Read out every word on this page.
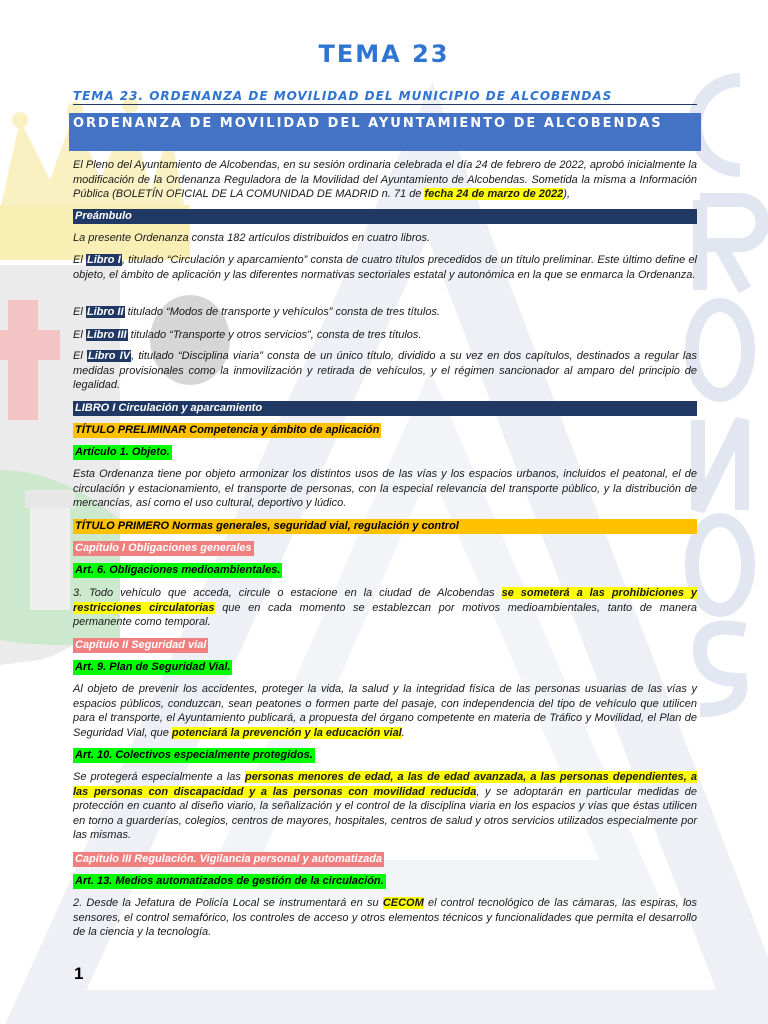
TEMA 23
TEMA 23. ORDENANZA DE MOVILIDAD DEL MUNICIPIO DE ALCOBENDAS
ORDENANZA DE MOVILIDAD DEL AYUNTAMIENTO DE ALCOBENDAS
El Pleno del Ayuntamiento de Alcobendas, en su sesión ordinaria celebrada el día 24 de febrero de 2022, aprobó inicialmente la modificación de la Ordenanza Reguladora de la Movilidad del Ayuntamiento de Alcobendas. Sometida la misma a Información Pública (BOLETÍN OFICIAL DE LA COMUNIDAD DE MADRID n. 71 de fecha 24 de marzo de 2022),
Preámbulo
La presente Ordenanza consta 182 artículos distribuidos en cuatro libros.
El Libro I, titulado “Circulación y aparcamiento” consta de cuatro títulos precedidos de un título preliminar. Este último define el objeto, el ámbito de aplicación y las diferentes normativas sectoriales estatal y autonómica en la que se enmarca la Ordenanza.
El Libro II titulado “Modos de transporte y vehículos” consta de tres títulos.
El Libro III titulado “Transporte y otros servicios”, consta de tres títulos.
El Libro IV, titulado “Disciplina viaria” consta de un único título, dividido a su vez en dos capítulos, destinados a regular las medidas provisionales como la inmovilización y retirada de vehículos, y el régimen sancionador al amparo del principio de legalidad.
LIBRO I Circulación y aparcamiento
TÍTULO PRELIMINAR Competencia y ámbito de aplicación
Artículo 1. Objeto.
Esta Ordenanza tiene por objeto armonizar los distintos usos de las vías y los espacios urbanos, incluidos el peatonal, el de circulación y estacionamiento, el transporte de personas, con la especial relevancia del transporte público, y la distribución de mercancías, así como el uso cultural, deportivo y lúdico.
TÍTULO PRIMERO Normas generales, seguridad vial, regulación y control
Capítulo I Obligaciones generales
Art. 6. Obligaciones medioambientales.
3. Todo vehículo que acceda, circule o estacione en la ciudad de Alcobendas se someterá a las prohibiciones y restricciones circulatorias que en cada momento se establezcan por motivos medioambientales, tanto de manera permanente como temporal.
Capítulo II Seguridad vial
Art. 9. Plan de Seguridad Vial.
Al objeto de prevenir los accidentes, proteger la vida, la salud y la integridad física de las personas usuarias de las vías y espacios públicos, conduzcan, sean peatones o formen parte del pasaje, con independencia del tipo de vehículo que utilicen para el transporte, el Ayuntamiento publicará, a propuesta del órgano competente en materia de Tráfico y Movilidad, el Plan de Seguridad Vial, que potenciará la prevención y la educación vial.
Art. 10. Colectivos especialmente protegidos.
Se protegerá especialmente a las personas menores de edad, a las de edad avanzada, a las personas dependientes, a las personas con discapacidad y a las personas con movilidad reducida, y se adoptarán en particular medidas de protección en cuanto al diseño viario, la señalización y el control de la disciplina viaria en los espacios y vías que éstas utilicen en torno a guarderías, colegios, centros de mayores, hospitales, centros de salud y otros servicios utilizados especialmente por las mismas.
Capítulo III Regulación. Vigilancia personal y automatizada
Art. 13. Medios automatizados de gestión de la circulación.
2. Desde la Jefatura de Policía Local se instrumentará en su CECOM el control tecnológico de las cámaras, las espiras, los sensores, el control semafórico, los controles de acceso y otros elementos técnicos y funcionalidades que permita el desarrollo de la ciencia y la tecnología.
1
